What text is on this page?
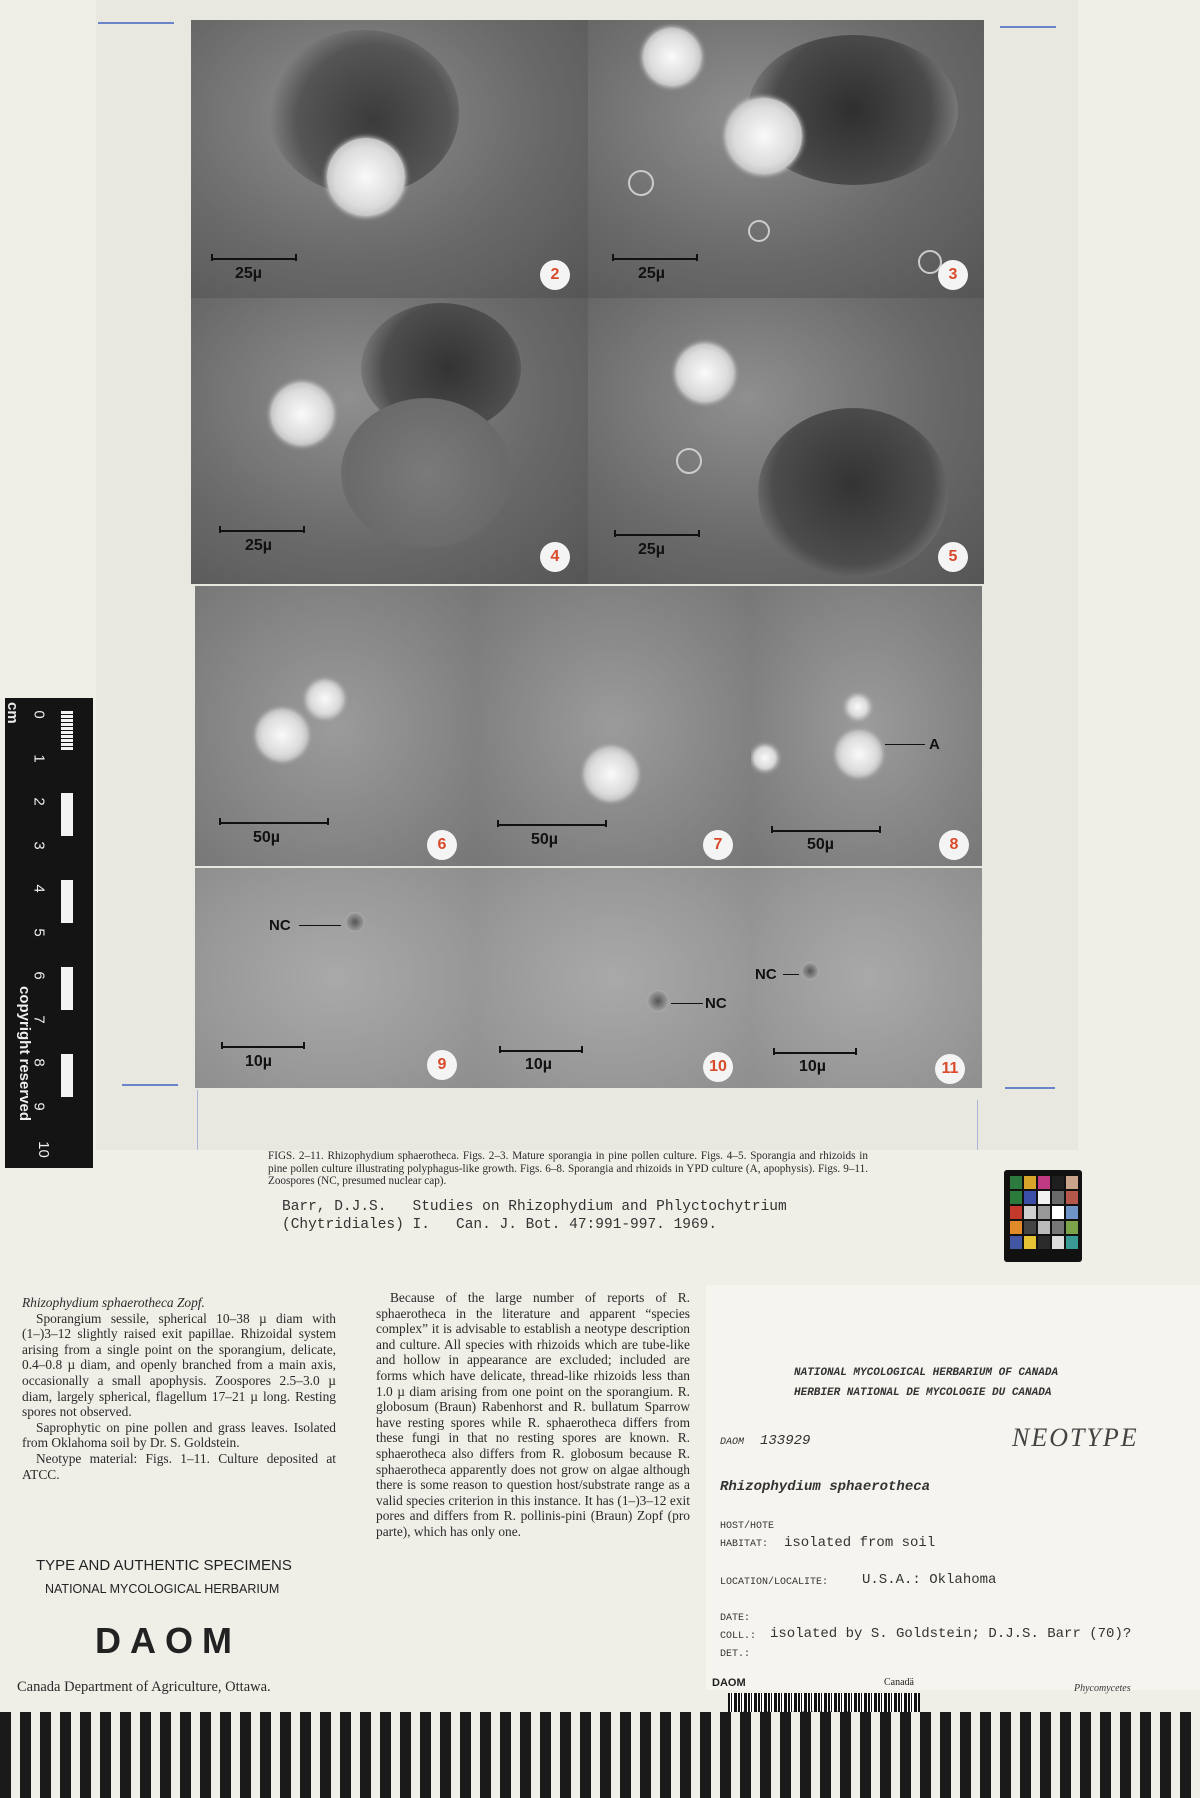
25µ	2	25µ	3
25µ
4	25µ	5
50µ	6	50µ	7
A
50µ	8
NC
10µ	9
NC
10µ	10
NC
10µ	11
FIGS. 2–11. Rhizophydium sphaerotheca. Figs. 2–3. Mature sporangia in pine pollen culture. Figs. 4–5. Sporangia and rhizoids in pine pollen culture illustrating polyphagus-like growth. Figs. 6–8. Sporangia and rhizoids in YPD culture (A, apophysis). Figs. 9–11. Zoospores (NC, presumed nuclear cap).
Barr, D.J.S.   Studies on Rhizophydium and Phlyctochytrium
(Chytridiales) I.   Can. J. Bot. 47:991-997. 1969.
cm
copyright reserved
0
1
2
3
4
5
6
7
8
9
10
Rhizophydium sphaerotheca Zopf.

Sporangium sessile, spherical 10–38 µ diam with (1–)3–12 slightly raised exit papillae. Rhizoidal system arising from a single point on the sporangium, delicate, 0.4–0.8 µ diam, and openly branched from a main axis, occasionally a small apophysis. Zoospores 2.5–3.0 µ diam, largely spherical, flagellum 17–21 µ long. Resting spores not observed.

Saprophytic on pine pollen and grass leaves. Isolated from Oklahoma soil by Dr. S. Goldstein.

Neotype material: Figs. 1–11. Culture deposited at ATCC.

Because of the large number of reports of R. sphaerotheca in the literature and apparent “species complex” it is advisable to establish a neotype description and culture. All species with rhizoids which are tube-like and hollow in appearance are excluded; included are forms which have delicate, thread-like rhizoids less than 1.0 µ diam arising from one point on the sporangium. R. globosum (Braun) Rabenhorst and R. bullatum Sparrow have resting spores while R. sphaerotheca differs from these fungi in that no resting spores are known. R. sphaerotheca also differs from R. globosum because R. sphaerotheca apparently does not grow on algae although there is some reason to question host/substrate range as a valid species criterion in this instance. It has (1–)3–12 exit pores and differs from R. pollinis-pini (Braun) Zopf (pro parte), which has only one.

TYPE AND AUTHENTIC SPECIMENS
NATIONAL MYCOLOGICAL HERBARIUM
DAOM
Canada Department of Agriculture, Ottawa.
NATIONAL MYCOLOGICAL HERBARIUM OF CANADA
HERBIER NATIONAL DE MYCOLOGIE DU CANADA
DAOM 133929	NEOTYPE
Rhizophydium sphaerotheca
HOST/HOTE
HABITAT: isolated from soil
LOCATION/LOCALITE: U.S.A.: Oklahoma
DATE:
COLL.: isolated by S. Goldstein; D.J.S. Barr (70)?
DET.:
DAOM	Canadä
Phycomycetes
